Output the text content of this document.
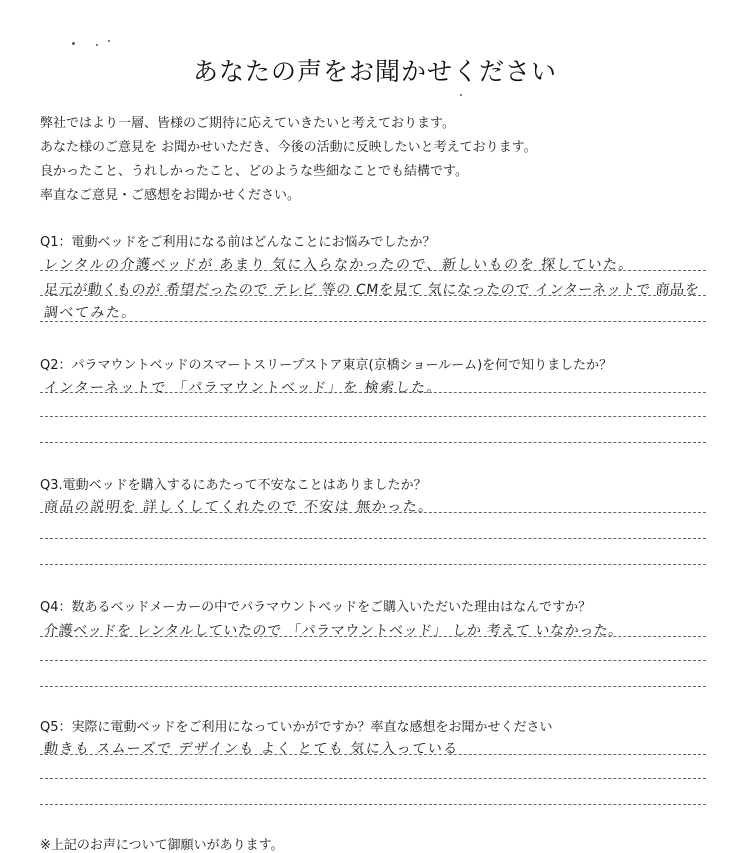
あなたの声をお聞かせください
弊社ではより一層、皆様のご期待に応えていきたいと考えております。
あなた様のご意見を お聞かせいただき、今後の活動に反映したいと考えております。
良かったこと、うれしかったこと、どのような些細なことでも結構です。
率直なご意見・ご感想をお聞かせください。
Q1：電動ベッドをご利用になる前はどんなことにお悩みでしたか？
レンタルの介護ベッドが あまり 気に入らなかったので、新しいものを 探していた。
足元が動くものが 希望だったので テレビ 等の CMを見て 気になったので インターネットで 商品を
調べてみた。
Q2：パラマウントベッドのスマートスリープストア東京(京橋ショールーム)を何で知りましたか？
インターネットで 「パラマウントベッド」を 検索した。
Q3.電動ベッドを購入するにあたって不安なことはありましたか？
商品の説明を 詳しくしてくれたので 不安は 無かった。
Q4：数あるベッドメーカーの中でパラマウントベッドをご購入いただいた理由はなんですか？
介護ベッドを レンタルしていたので 「パラマウントベッド」 しか 考えて いなかった。
Q5：実際に電動ベッドをご利用になっていかがですか？率直な感想をお聞かせください
動きも スムーズで デザインも よく とても 気に入っている
※上記のお声について御願いがあります。
